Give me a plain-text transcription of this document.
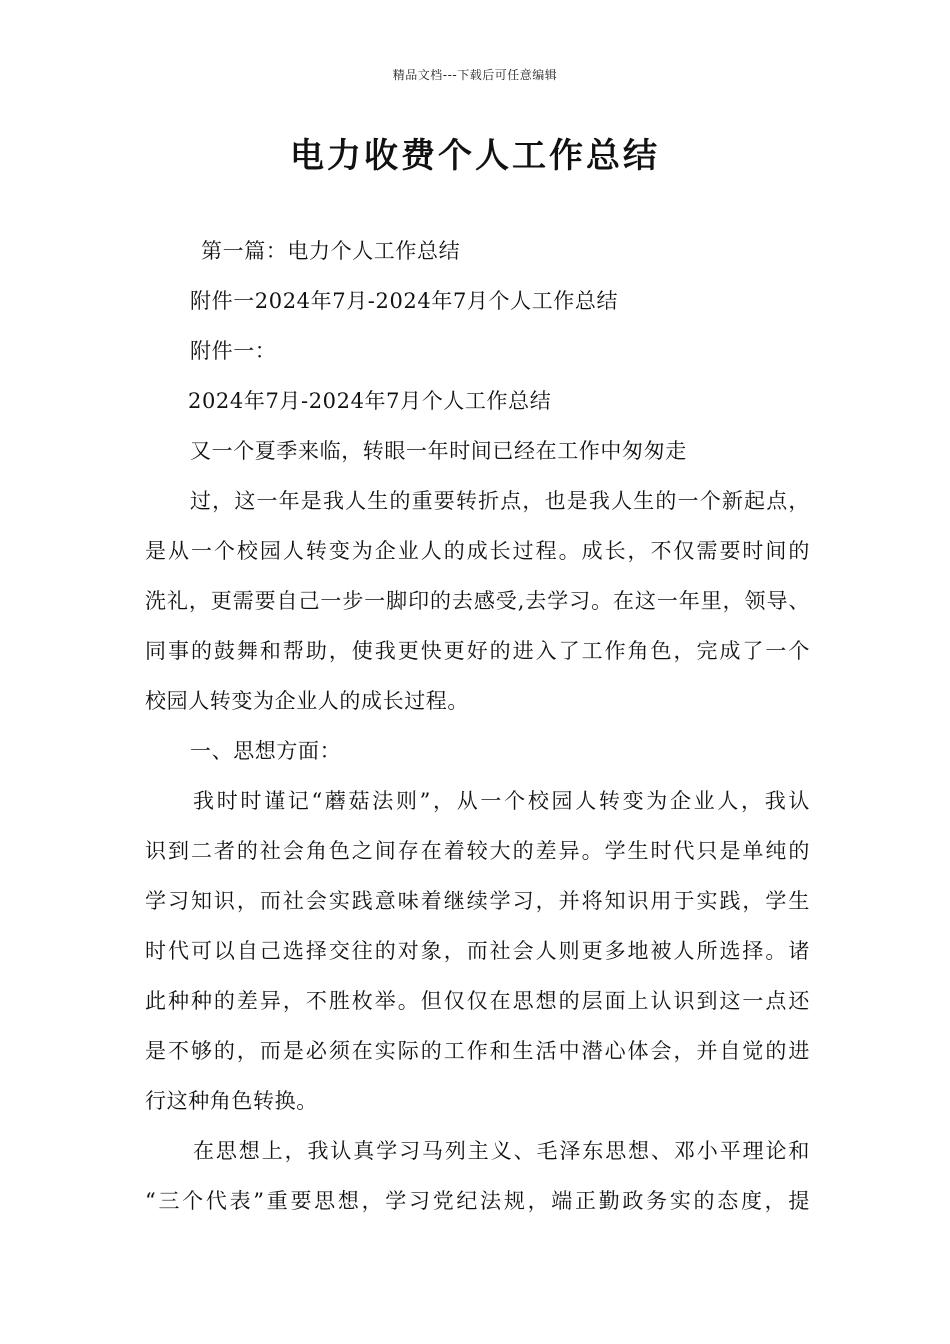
精品文档---下载后可任意编辑
电力收费个人工作总结
第一篇：电力个人工作总结
附件一2024年7月-2024年7月个人工作总结
附件一：
2024年7月-2024年7月个人工作总结
又一个夏季来临，转眼一年时间已经在工作中匆匆走
过，这一年是我人生的重要转折点，也是我人生的一个新起点，
是从一个校园人转变为企业人的成长过程。成长，不仅需要时间的
洗礼，更需要自己一步一脚印的去感受,去学习。在这一年里，领导、
同事的鼓舞和帮助，使我更快更好的进入了工作角色，完成了一个
校园人转变为企业人的成长过程。
一、思想方面：
我时时谨记“蘑菇法则”，从一个校园人转变为企业人，我认
识到二者的社会角色之间存在着较大的差异。学生时代只是单纯的
学习知识，而社会实践意味着继续学习，并将知识用于实践，学生
时代可以自己选择交往的对象，而社会人则更多地被人所选择。诸
此种种的差异，不胜枚举。但仅仅在思想的层面上认识到这一点还
是不够的，而是必须在实际的工作和生活中潜心体会，并自觉的进
行这种角色转换。
在思想上，我认真学习马列主义、毛泽东思想、邓小平理论和
“三个代表”重要思想，学习党纪法规，端正勤政务实的态度，提
